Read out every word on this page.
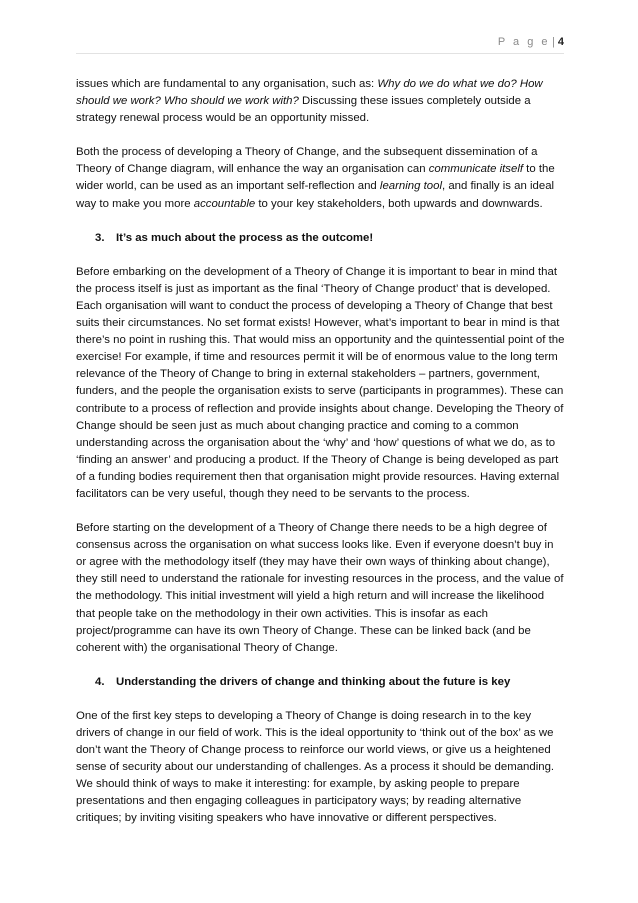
P a g e | 4

issues which are fundamental to any organisation, such as: Why do we do what we do? How should we work? Who should we work with? Discussing these issues completely outside a strategy renewal process would be an opportunity missed.

Both the process of developing a Theory of Change, and the subsequent dissemination of a Theory of Change diagram, will enhance the way an organisation can communicate itself to the wider world, can be used as an important self-reflection and learning tool, and finally is an ideal way to make you more accountable to your key stakeholders, both upwards and downwards.

3. It’s as much about the process as the outcome!

Before embarking on the development of a Theory of Change it is important to bear in mind that the process itself is just as important as the final ‘Theory of Change product’ that is developed. Each organisation will want to conduct the process of developing a Theory of Change that best suits their circumstances. No set format exists! However, what’s important to bear in mind is that there’s no point in rushing this. That would miss an opportunity and the quintessential point of the exercise! For example, if time and resources permit it will be of enormous value to the long term relevance of the Theory of Change to bring in external stakeholders – partners, government, funders, and the people the organisation exists to serve (participants in programmes). These can contribute to a process of reflection and provide insights about change. Developing the Theory of Change should be seen just as much about changing practice and coming to a common understanding across the organisation about the ‘why’ and ‘how’ questions of what we do, as to ‘finding an answer’ and producing a product. If the Theory of Change is being developed as part of a funding bodies requirement then that organisation might provide resources. Having external facilitators can be very useful, though they need to be servants to the process.

Before starting on the development of a Theory of Change there needs to be a high degree of consensus across the organisation on what success looks like. Even if everyone doesn’t buy in or agree with the methodology itself (they may have their own ways of thinking about change), they still need to understand the rationale for investing resources in the process, and the value of the methodology. This initial investment will yield a high return and will increase the likelihood that people take on the methodology in their own activities. This is insofar as each project/programme can have its own Theory of Change. These can be linked back (and be coherent with) the organisational Theory of Change.

4. Understanding the drivers of change and thinking about the future is key

One of the first key steps to developing a Theory of Change is doing research in to the key drivers of change in our field of work. This is the ideal opportunity to ‘think out of the box’ as we don’t want the Theory of Change process to reinforce our world views, or give us a heightened sense of security about our understanding of challenges. As a process it should be demanding. We should think of ways to make it interesting: for example, by asking people to prepare presentations and then engaging colleagues in participatory ways; by reading alternative critiques; by inviting visiting speakers who have innovative or different perspectives.
